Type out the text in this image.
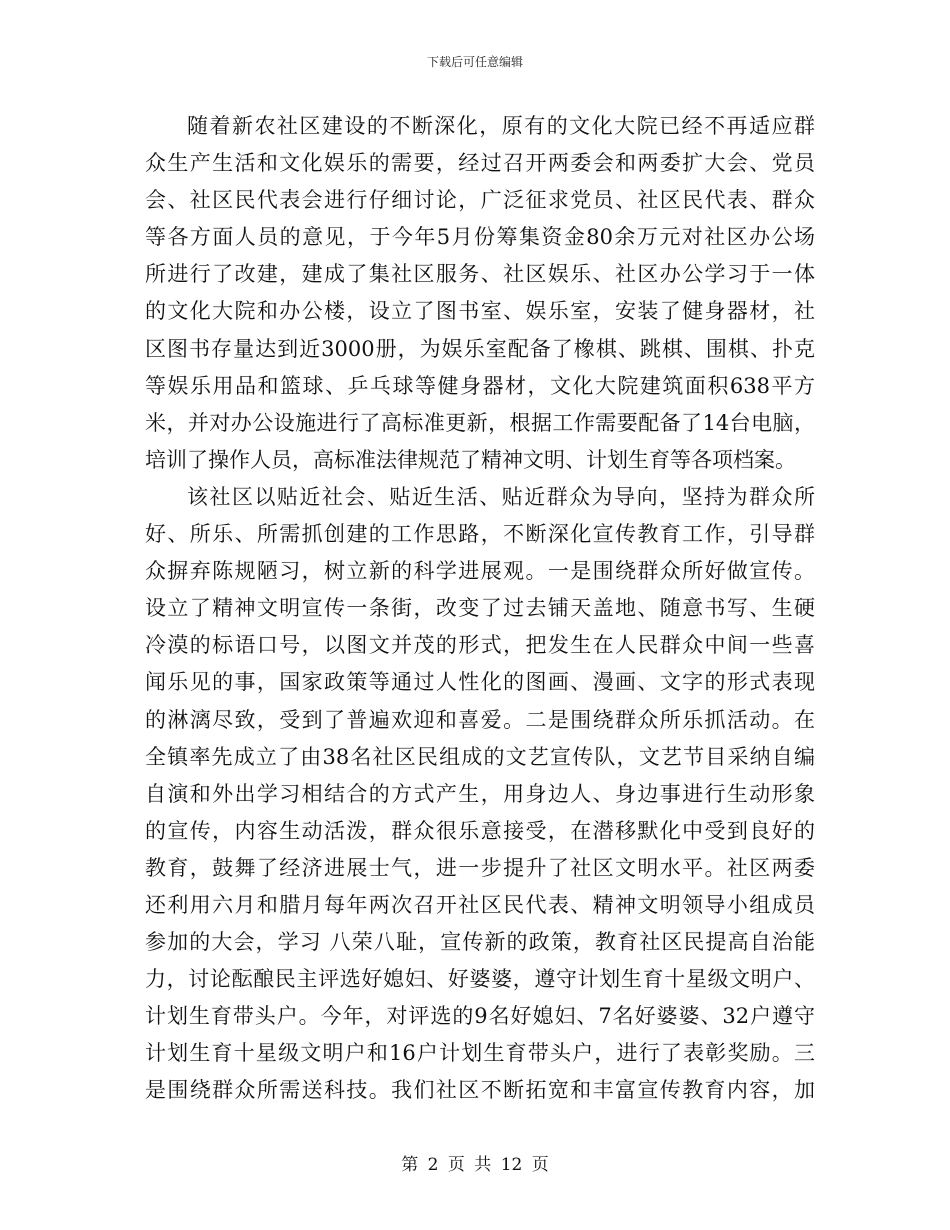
下载后可任意编辑
随着新农社区建设的不断深化，原有的文化大院已经不再适应群
众生产生活和文化娱乐的需要，经过召开两委会和两委扩大会、党员
会、社区民代表会进行仔细讨论，广泛征求党员、社区民代表、群众
等各方面人员的意见，于今年5月份筹集资金80余万元对社区办公场
所进行了改建，建成了集社区服务、社区娱乐、社区办公学习于一体
的文化大院和办公楼，设立了图书室、娱乐室，安装了健身器材，社
区图书存量达到近3000册，为娱乐室配备了橡棋、跳棋、围棋、扑克
等娱乐用品和篮球、乒乓球等健身器材，文化大院建筑面积638平方
米，并对办公设施进行了高标准更新，根据工作需要配备了14台电脑，
培训了操作人员，高标准法律规范了精神文明、计划生育等各项档案。
该社区以贴近社会、贴近生活、贴近群众为导向，坚持为群众所
好、所乐、所需抓创建的工作思路，不断深化宣传教育工作，引导群
众摒弃陈规陋习，树立新的科学进展观。一是围绕群众所好做宣传。
设立了精神文明宣传一条街，改变了过去铺天盖地、随意书写、生硬
冷漠的标语口号，以图文并茂的形式，把发生在人民群众中间一些喜
闻乐见的事，国家政策等通过人性化的图画、漫画、文字的形式表现
的淋漓尽致，受到了普遍欢迎和喜爱。二是围绕群众所乐抓活动。在
全镇率先成立了由38名社区民组成的文艺宣传队，文艺节目采纳自编
自演和外出学习相结合的方式产生，用身边人、身边事进行生动形象
的宣传，内容生动活泼，群众很乐意接受，在潜移默化中受到良好的
教育，鼓舞了经济进展士气，进一步提升了社区文明水平。社区两委
还利用六月和腊月每年两次召开社区民代表、精神文明领导小组成员
参加的大会，学习 八荣八耻，宣传新的政策，教育社区民提高自治能
力，讨论酝酿民主评选好媳妇、好婆婆，遵守计划生育十星级文明户、
计划生育带头户。今年，对评选的9名好媳妇、7名好婆婆、32户遵守
计划生育十星级文明户和16户计划生育带头户，进行了表彰奖励。三
是围绕群众所需送科技。我们社区不断拓宽和丰富宣传教育内容，加
第 2 页 共 12 页
